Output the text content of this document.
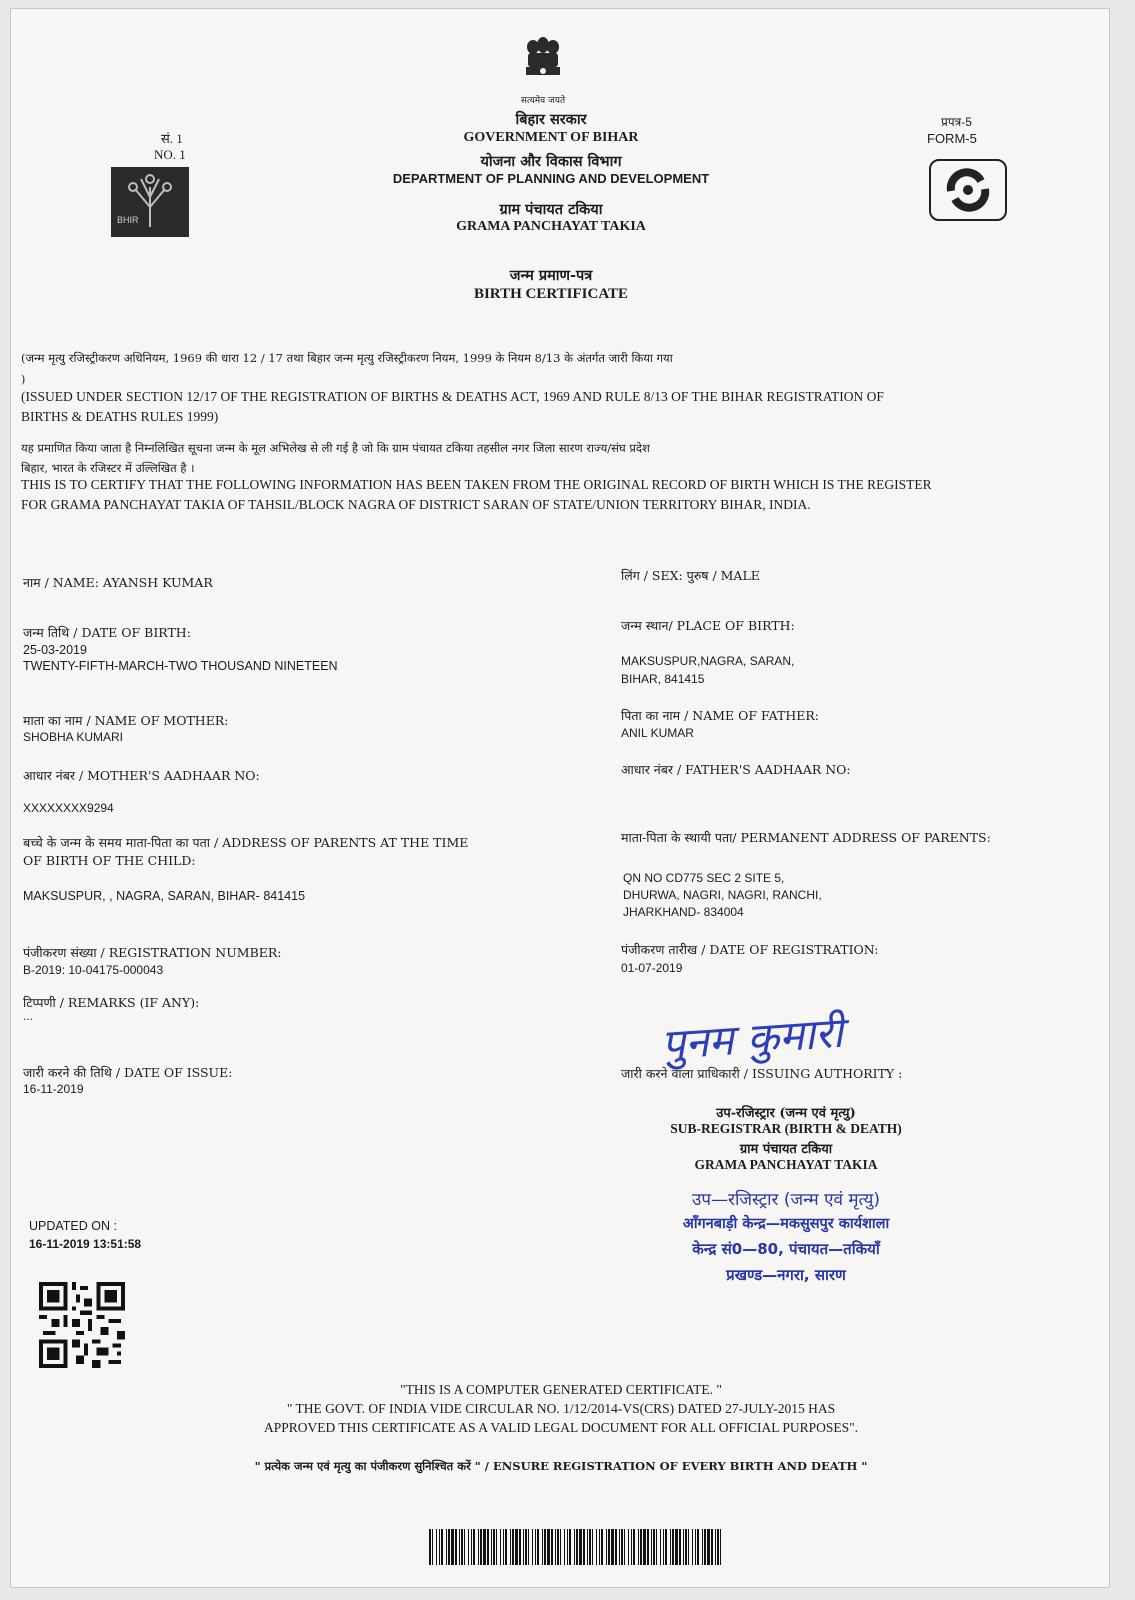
सत्यमेव जयते
सं. 1
NO. 1
BHIR
प्रपत्र-5
FORM-5
बिहार सरकार
GOVERNMENT OF BIHAR
योजना और विकास विभाग
DEPARTMENT OF PLANNING AND DEVELOPMENT
ग्राम पंचायत टकिया
GRAMA PANCHAYAT TAKIA
जन्म प्रमाण-पत्र
BIRTH CERTIFICATE
(जन्म मृत्यु रजिस्ट्रीकरण अधिनियम, 1969 की धारा 12 / 17 तथा बिहार जन्म मृत्यु रजिस्ट्रीकरण नियम, 1999 के नियम 8/13 के अंतर्गत जारी किया गया
)
(ISSUED UNDER SECTION 12/17 OF THE REGISTRATION OF BIRTHS & DEATHS ACT, 1969 AND RULE 8/13 OF THE BIHAR REGISTRATION OF
BIRTHS & DEATHS RULES 1999)
यह प्रमाणित किया जाता है निम्नलिखित सूचना जन्म के मूल अभिलेख से ली गई है जो कि ग्राम पंचायत टकिया तहसील नगर जिला सारण राज्य/संघ प्रदेश
बिहार, भारत के रजिस्टर में उल्लिखित है ।
THIS IS TO CERTIFY THAT THE FOLLOWING INFORMATION HAS BEEN TAKEN FROM THE ORIGINAL RECORD OF BIRTH WHICH IS THE REGISTER
FOR GRAMA PANCHAYAT TAKIA OF TAHSIL/BLOCK NAGRA OF DISTRICT SARAN OF STATE/UNION TERRITORY BIHAR, INDIA.
नाम / NAME: AYANSH KUMAR
जन्म तिथि / DATE OF BIRTH:
25-03-2019
TWENTY-FIFTH-MARCH-TWO THOUSAND NINETEEN
माता का नाम / NAME OF MOTHER:
SHOBHA KUMARI
आधार नंबर / MOTHER'S AADHAAR NO:
XXXXXXXX9294
बच्चे के जन्म के समय माता-पिता का पता / ADDRESS OF PARENTS AT THE TIME
OF BIRTH OF THE CHILD:
MAKSUSPUR, , NAGRA, SARAN, BIHAR- 841415
पंजीकरण संख्या / REGISTRATION NUMBER:
B-2019: 10-04175-000043
टिप्पणी / REMARKS (IF ANY):
...
जारी करने की तिथि / DATE OF ISSUE:
16-11-2019
लिंग / SEX: पुरुष / MALE
जन्म स्थान/ PLACE OF BIRTH:
MAKSUSPUR,NAGRA, SARAN,
BIHAR, 841415
पिता का नाम / NAME OF FATHER:
ANIL KUMAR
आधार नंबर / FATHER'S AADHAAR NO:
माता-पिता के स्थायी पता/ PERMANENT ADDRESS OF PARENTS:
QN NO CD775 SEC 2 SITE 5,
DHURWA, NAGRI, NAGRI, RANCHI,
JHARKHAND- 834004
पंजीकरण तारीख / DATE OF REGISTRATION:
01-07-2019
पुनम कुमारी
जारी करने वाला प्राधिकारी / ISSUING AUTHORITY :
उप-रजिस्ट्रार (जन्म एवं मृत्यु)
SUB-REGISTRAR (BIRTH & DEATH)
ग्राम पंचायत टकिया
GRAMA PANCHAYAT TAKIA
उप—रजिस्ट्रार (जन्म एवं मृत्यु)
आँगनबाड़ी केन्द्र—मकसुसपुर कार्यशाला
केन्द्र सं0—80, पंचायत—तकियाँ
प्रखण्ड—नगरा, सारण
UPDATED ON :
16-11-2019 13:51:58
"THIS IS A COMPUTER GENERATED CERTIFICATE. "
" THE GOVT. OF INDIA VIDE CIRCULAR NO. 1/12/2014-VS(CRS) DATED 27-JULY-2015 HAS
APPROVED THIS CERTIFICATE AS A VALID LEGAL DOCUMENT FOR ALL OFFICIAL PURPOSES".
" प्रत्येक जन्म एवं मृत्यु का पंजीकरण सुनिश्चित करें " / ENSURE REGISTRATION OF EVERY BIRTH AND DEATH "
